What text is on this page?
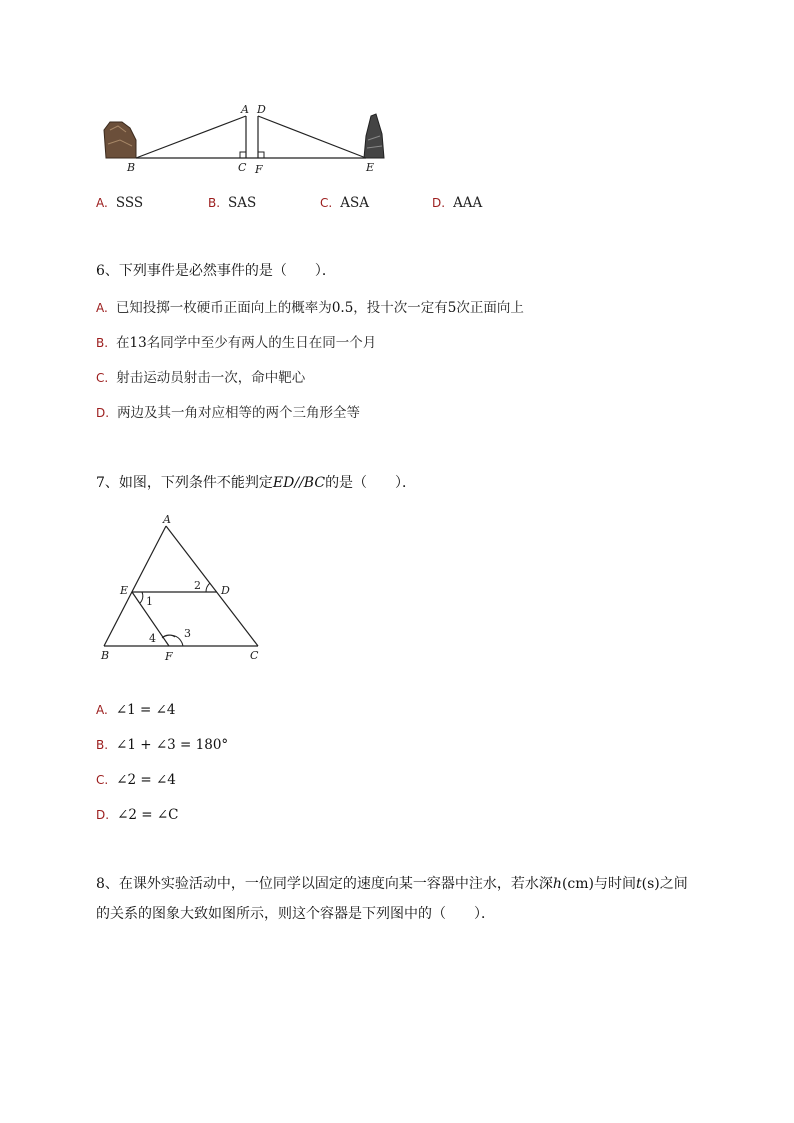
A D
B	C F	E
A. SSS	B. SAS	C. ASA	D. AAA
6、下列事件是必然事件的是（　　）．
A. 已知投掷一枚硬币正面向上的概率为0.5，投十次一定有5次正面向上
B. 在13名同学中至少有两人的生日在同一个月
C. 射击运动员射击一次，命中靶心
D. 两边及其一角对应相等的两个三角形全等
7、如图，下列条件不能判定ED//BC的是（　　）．
A
E	D
B	F	C
1
2
3
4
A. ∠1 = ∠4
B. ∠1 + ∠3 = 180°
C. ∠2 = ∠4
D. ∠2 = ∠C
8、在课外实验活动中，一位同学以固定的速度向某一容器中注水，若水深h(cm)与时间t(s)之间
的关系的图象大致如图所示，则这个容器是下列图中的（　　）．
